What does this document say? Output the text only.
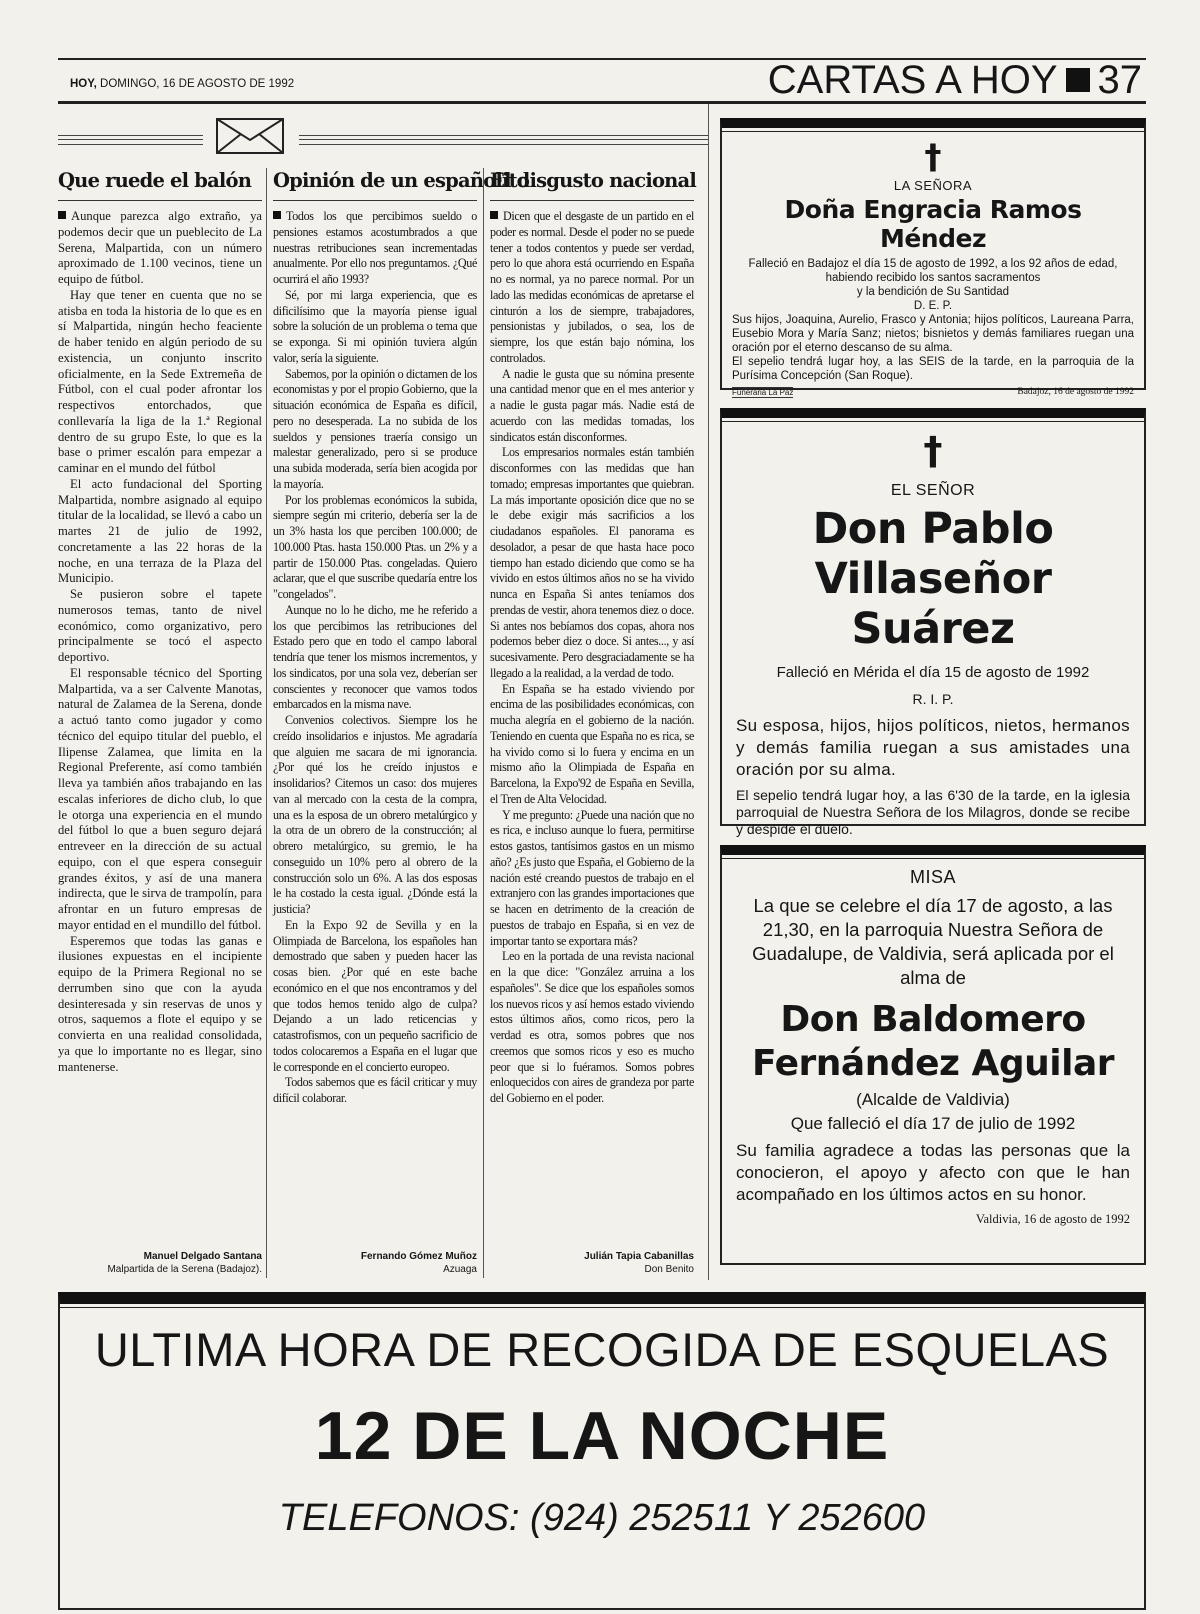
HOY, DOMINGO, 16 DE AGOSTO DE 1992	CARTAS A HOY 37
Que ruede el balón

Aunque parezca algo extraño, ya podemos decir que un pueblecito de La Serena, Malpartida, con un número aproximado de 1.100 vecinos, tiene un equipo de fútbol.

Hay que tener en cuenta que no se atisba en toda la historia de lo que es en sí Malpartida, ningún hecho feaciente de haber tenido en algún periodo de su existencia, un conjunto inscrito oficialmente, en la Sede Extremeña de Fútbol, con el cual poder afrontar los respectivos entorchados, que conllevaría la liga de la 1.ª Regional dentro de su grupo Este, lo que es la base o primer escalón para empezar a caminar en el mundo del fútbol

El acto fundacional del Sporting Malpartida, nombre asignado al equipo titular de la localidad, se llevó a cabo un martes 21 de julio de 1992, concretamente a las 22 horas de la noche, en una terraza de la Plaza del Municipio.

Se pusieron sobre el tapete numerosos temas, tanto de nivel económico, como organizativo, pero principalmente se tocó el aspecto deportivo.

El responsable técnico del Sporting Malpartida, va a ser Calvente Manotas, natural de Zalamea de la Serena, donde a actuó tanto como jugador y como técnico del equipo titular del pueblo, el Ilipense Zalamea, que limita en la Regional Preferente, así como también lleva ya también años trabajando en las escalas inferiores de dicho club, lo que le otorga una experiencia en el mundo del fútbol lo que a buen seguro dejará entreveer en la dirección de su actual equipo, con el que espera conseguir grandes éxitos, y así de una manera indirecta, que le sirva de trampolín, para afrontar en un futuro empresas de mayor entidad en el mundillo del fútbol.

Esperemos que todas las ganas e ilusiones expuestas en el incipiente equipo de la Primera Regional no se derrumben sino que con la ayuda desinteresada y sin reservas de unos y otros, saquemos a flote el equipo y se convierta en una realidad consolidada, ya que lo importante no es llegar, sino mantenerse.

Manuel Delgado Santana
Malpartida de la Serena (Badajoz).
Opinión de un españolito

Todos los que percibimos sueldo o pensiones estamos acostumbrados a que nuestras retribuciones sean incrementadas anualmente. Por ello nos preguntamos. ¿Qué ocurrirá el año 1993?

Sé, por mi larga experiencia, que es dificilísimo que la mayoría piense igual sobre la solución de un problema o tema que se exponga. Si mi opinión tuviera algún valor, sería la siguiente.

Sabemos, por la opinión o dictamen de los economistas y por el propio Gobierno, que la situación económica de España es difícil, pero no desesperada. La no subida de los sueldos y pensiones traería consigo un malestar generalizado, pero si se produce una subida moderada, sería bien acogida por la mayoría.

Por los problemas económicos la subida, siempre según mi criterio, debería ser la de un 3% hasta los que perciben 100.000; de 100.000 Ptas. hasta 150.000 Ptas. un 2% y a partir de 150.000 Ptas. congeladas. Quiero aclarar, que el que suscribe quedaría entre los "congelados".

Aunque no lo he dicho, me he referido a los que percibimos las retribuciones del Estado pero que en todo el campo laboral tendría que tener los mismos incrementos, y los sindicatos, por una sola vez, deberían ser conscientes y reconocer que vamos todos embarcados en la misma nave.

Convenios colectivos. Siempre los he creído insolidarios e injustos. Me agradaría que alguien me sacara de mi ignorancia. ¿Por qué los he creído injustos e insolidarios? Citemos un caso: dos mujeres van al mercado con la cesta de la compra, una es la esposa de un obrero metalúrgico y la otra de un obrero de la construcción; al obrero metalúrgico, su gremio, le ha conseguido un 10% pero al obrero de la construcción solo un 6%. A las dos esposas le ha costado la cesta igual. ¿Dónde está la justicia?

En la Expo 92 de Sevilla y en la Olimpiada de Barcelona, los españoles han demostrado que saben y pueden hacer las cosas bien. ¿Por qué en este bache económico en el que nos encontramos y del que todos hemos tenido algo de culpa? Dejando a un lado reticencias y catastrofismos, con un pequeño sacrificio de todos colocaremos a España en el lugar que le corresponde en el concierto europeo.

Todos sabemos que es fácil criticar y muy difícil colaborar.

Fernando Gómez Muñoz
Azuaga
El disgusto nacional

Dicen que el desgaste de un partido en el poder es normal. Desde el poder no se puede tener a todos contentos y puede ser verdad, pero lo que ahora está ocurriendo en España no es normal, ya no parece normal. Por un lado las medidas económicas de apretarse el cinturón a los de siempre, trabajadores, pensionistas y jubilados, o sea, los de siempre, los que están bajo nómina, los controlados.

A nadie le gusta que su nómina presente una cantidad menor que en el mes anterior y a nadie le gusta pagar más. Nadie está de acuerdo con las medidas tomadas, los sindicatos están disconformes.

Los empresarios normales están también disconformes con las medidas que han tomado; empresas importantes que quiebran. La más importante oposición dice que no se le debe exigir más sacrificios a los ciudadanos españoles. El panorama es desolador, a pesar de que hasta hace poco tiempo han estado diciendo que como se ha vivido en estos últimos años no se ha vivido nunca en España Si antes teníamos dos prendas de vestir, ahora tenemos diez o doce. Si antes nos bebíamos dos copas, ahora nos podemos beber diez o doce. Si antes..., y así sucesivamente. Pero desgraciadamente se ha llegado a la realidad, a la verdad de todo.

En España se ha estado viviendo por encima de las posibilidades económicas, con mucha alegría en el gobierno de la nación. Teniendo en cuenta que España no es rica, se ha vivido como si lo fuera y encima en un mismo año la Olimpiada de España en Barcelona, la Expo'92 de España en Sevilla, el Tren de Alta Velocidad.

Y me pregunto: ¿Puede una nación que no es rica, e incluso aunque lo fuera, permitirse estos gastos, tantísimos gastos en un mismo año? ¿Es justo que España, el Gobierno de la nación esté creando puestos de trabajo en el extranjero con las grandes importaciones que se hacen en detrimento de la creación de puestos de trabajo en España, si en vez de importar tanto se exportara más?

Leo en la portada de una revista nacional en la que dice: "González arruina a los españoles". Se dice que los españoles somos los nuevos ricos y así hemos estado viviendo estos últimos años, como ricos, pero la verdad es otra, somos pobres que nos creemos que somos ricos y eso es mucho peor que si lo fuéramos. Somos pobres enloquecidos con aires de grandeza por parte del Gobierno en el poder.

Julián Tapia Cabanillas
Don Benito
†
LA SEÑORA
Doña Engracia Ramos Méndez

Falleció en Badajoz el día 15 de agosto de 1992, a los 92 años de edad, habiendo recibido los santos sacramentos

y la bendición de Su Santidad

D. E. P.

Sus hijos, Joaquina, Aurelio, Frasco y Antonia; hijos políticos, Laureana Parra, Eusebio Mora y María Sanz; nietos; bisnietos y demás familiares ruegan una oración por el eterno descanso de su alma.

El sepelio tendrá lugar hoy, a las SEIS de la tarde, en la parroquia de la Purísima Concepción (San Roque).

Funeraria La Paz	Badajoz, 16 de agosto de 1992
†
EL SEÑOR
Don Pablo
Villaseñor Suárez

Falleció en Mérida el día 15 de agosto de 1992

R. I. P.

Su esposa, hijos, hijos políticos, nietos, hermanos y demás familia ruegan a sus amistades una oración por su alma.

El sepelio tendrá lugar hoy, a las 6'30 de la tarde, en la iglesia parroquial de Nuestra Señora de los Milagros, donde se recibe y despide el duelo.

MISA

La que se celebre el día 17 de agosto, a las 21,30, en la parroquia Nuestra Señora de Guadalupe, de Valdivia, será aplicada por el alma de

Don Baldomero
Fernández Aguilar

(Alcalde de Valdivia)

Que falleció el día 17 de julio de 1992

Su familia agradece a todas las personas que la conocieron, el apoyo y afecto con que le han acompañado en los últimos actos en su honor.

Valdivia, 16 de agosto de 1992
ULTIMA HORA DE RECOGIDA DE ESQUELAS
12 DE LA NOCHE
TELEFONOS: (924) 252511 Y 252600
